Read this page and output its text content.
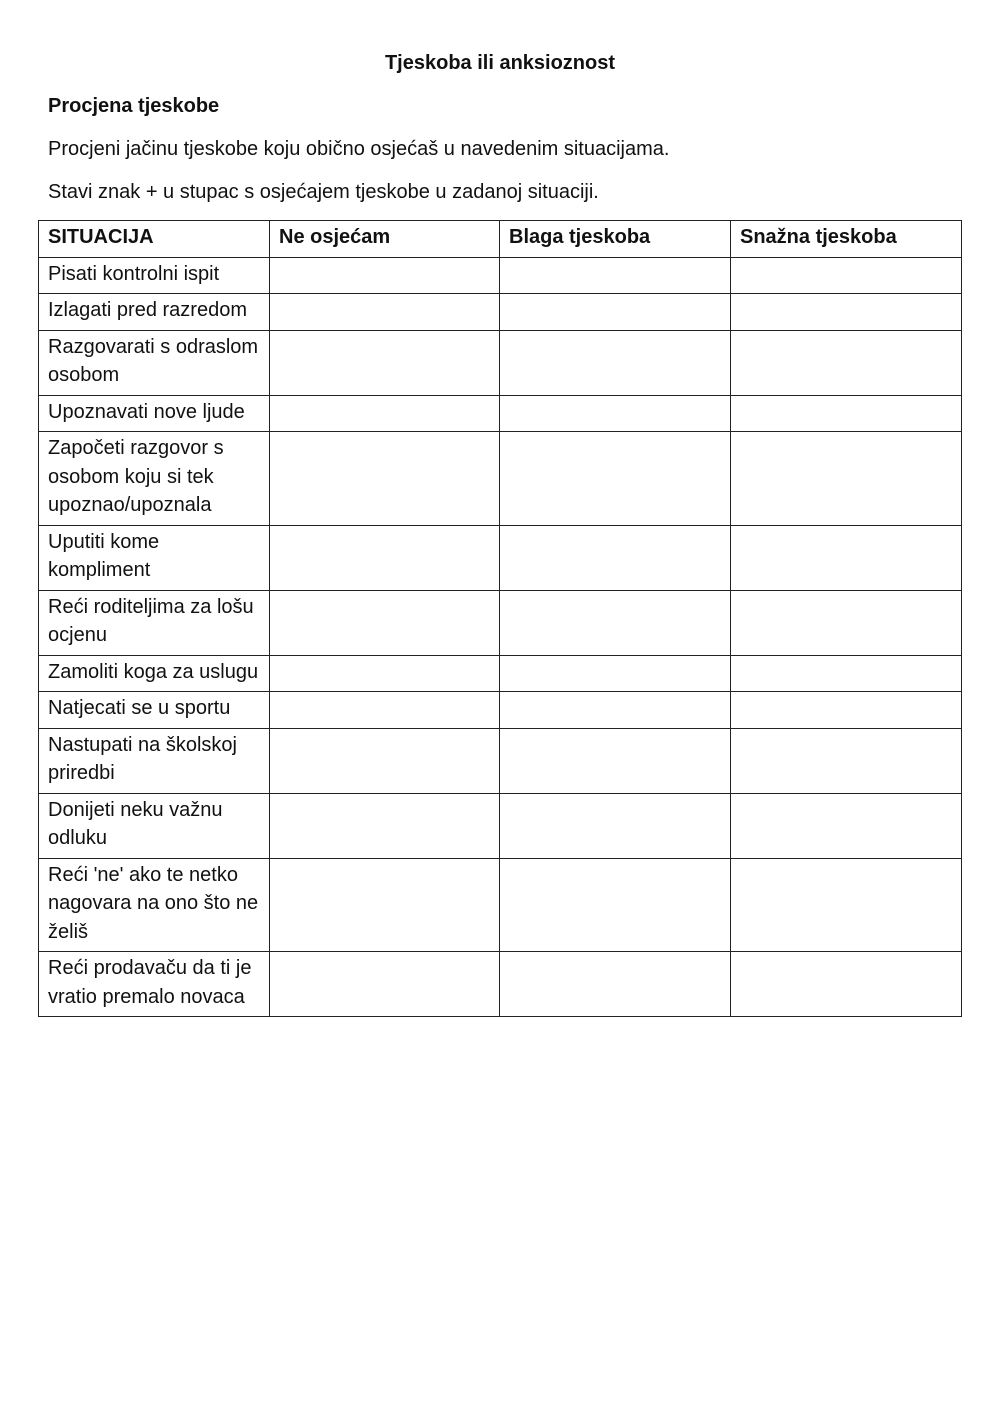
Tjeskoba ili anksioznost
Procjena tjeskobe
Procjeni jačinu tjeskobe koju obično osjećaš u navedenim situacijama.
Stavi znak + u stupac s osjećajem tjeskobe u zadanoj situaciji.
SITUACIJA	Ne osjećam	Blaga tjeskoba	Snažna tjeskoba
Pisati kontrolni ispit			
Izlagati pred razredom			
Razgovarati s odraslom osobom			
Upoznavati nove ljude			
Započeti razgovor s osobom koju si tek upoznao/upoznala			
Uputiti kome kompliment			
Reći roditeljima za lošu ocjenu			
Zamoliti koga za uslugu			
Natjecati se u sportu			
Nastupati na školskoj priredbi			
Donijeti neku važnu odluku			
Reći 'ne' ako te netko nagovara na ono što ne želiš			
Reći prodavaču da ti je vratio premalo novaca			
